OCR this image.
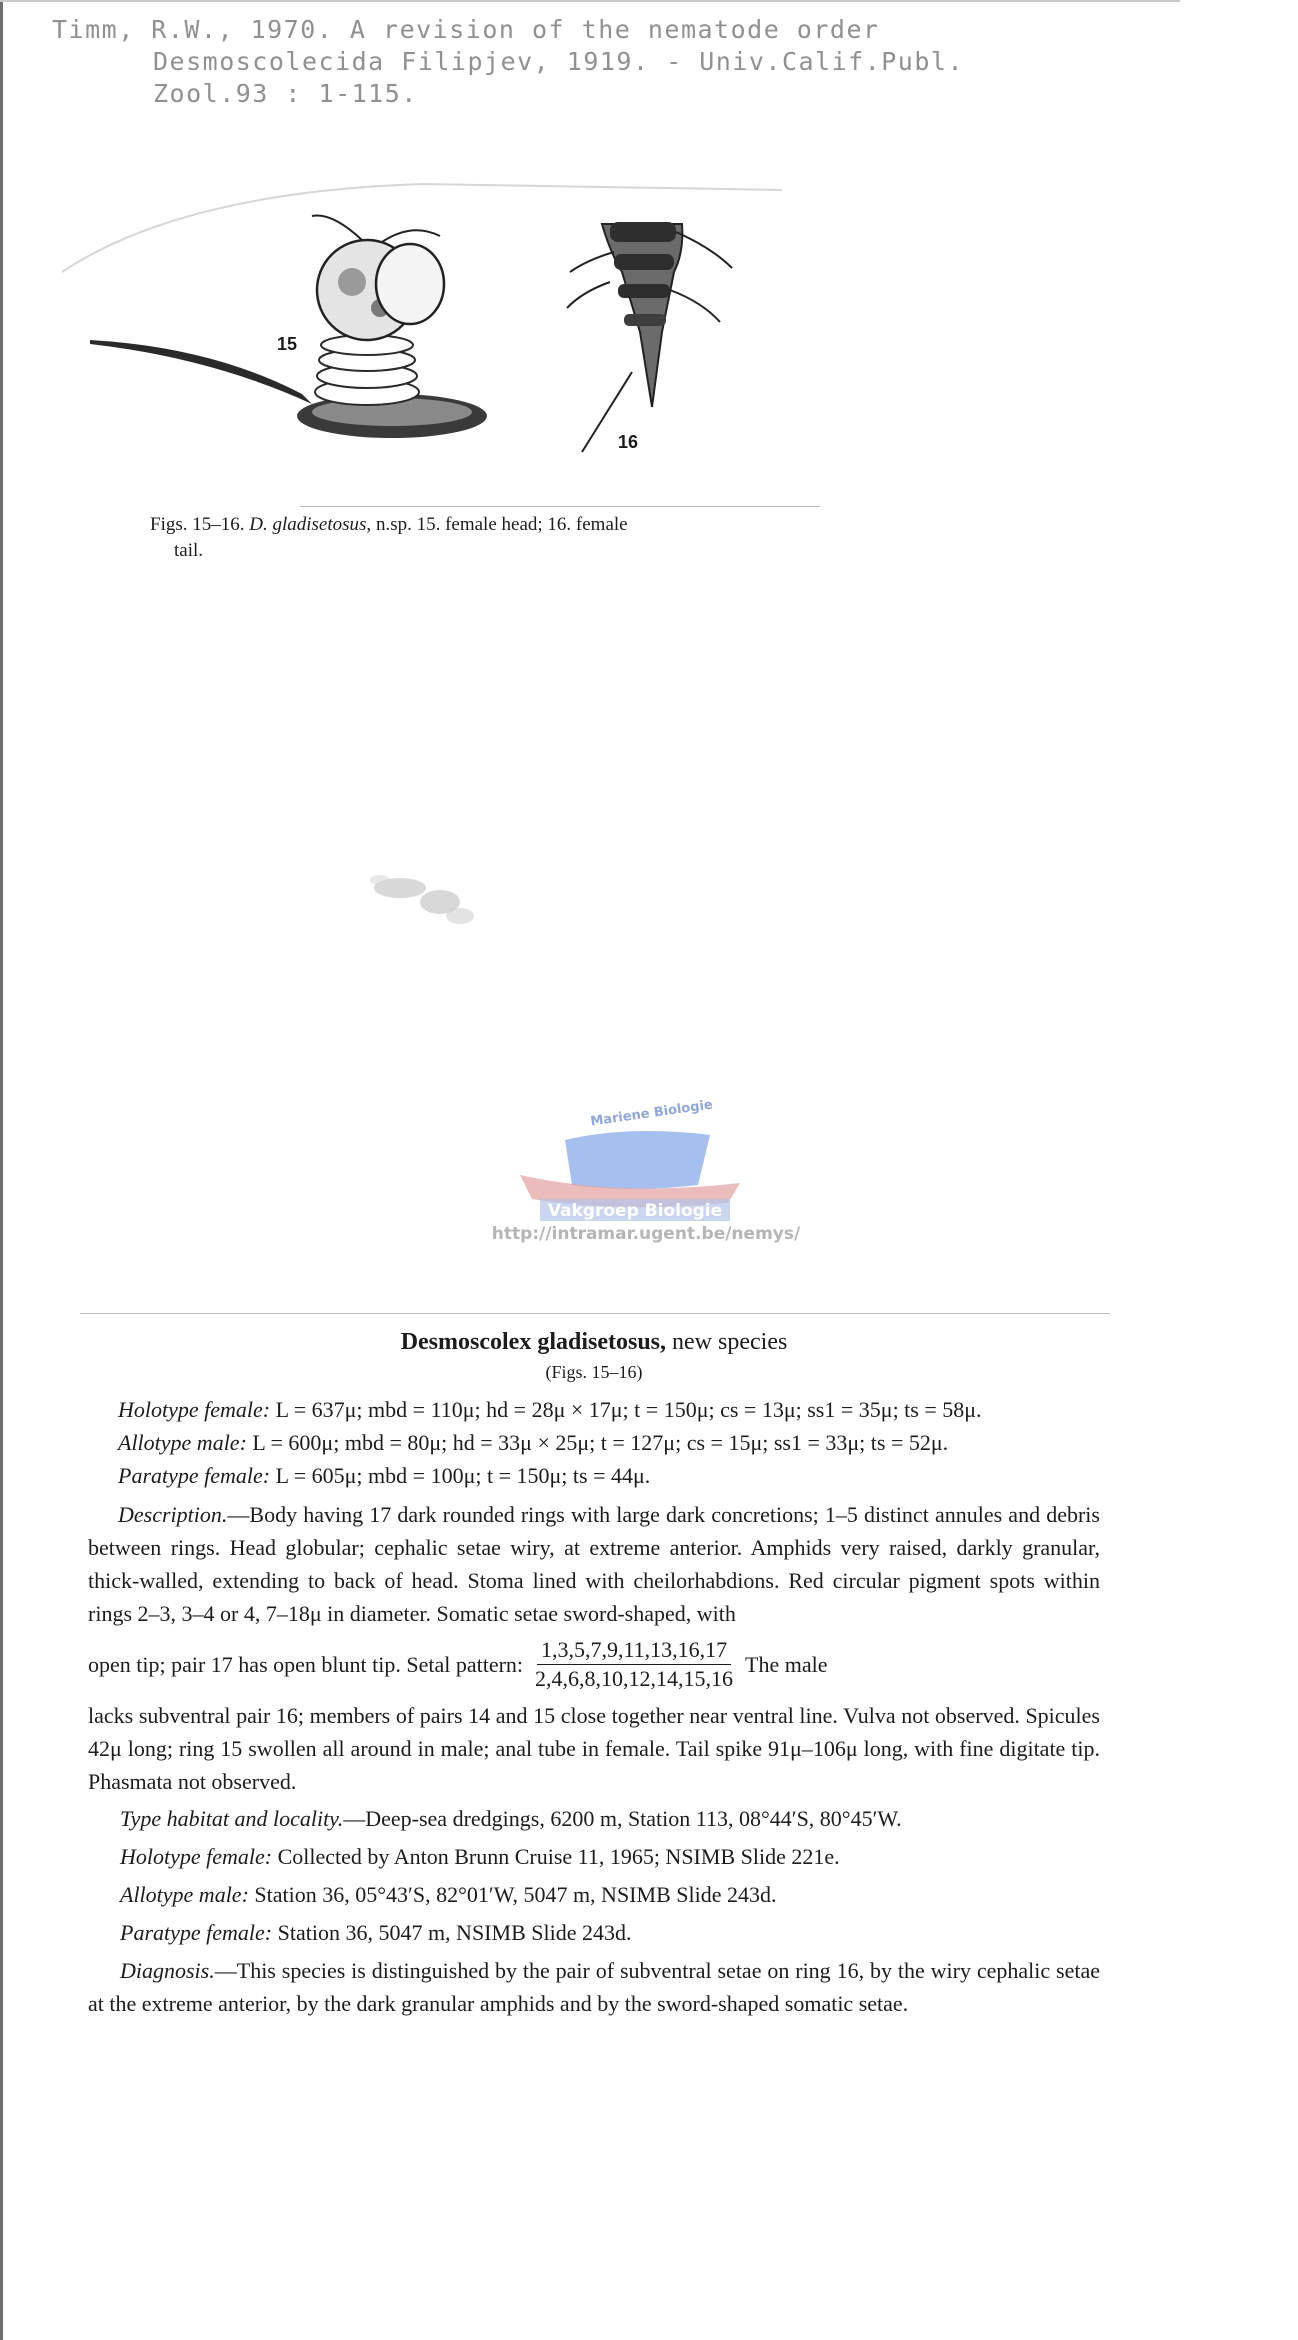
Timm, R.W., 1970. A revision of the nematode order
Desmoscolecida Filipjev, 1919. - Univ.Calif.Publ.
Zool.93 : 1-115.
15
16
Figs. 15–16. D. gladisetosus, n.sp. 15. female head; 16. female
tail.
Mariene Biologie
Vakgroep Biologie
http://intramar.ugent.be/nemys/
Desmoscolex gladisetosus, new species
(Figs. 15–16)

Holotype female: L = 637μ; mbd = 110μ; hd = 28μ × 17μ; t = 150μ; cs = 13μ; ss1 = 35μ; ts = 58μ.

Allotype male: L = 600μ; mbd = 80μ; hd = 33μ × 25μ; t = 127μ; cs = 15μ; ss1 = 33μ; ts = 52μ.

Paratype female: L = 605μ; mbd = 100μ; t = 150μ; ts = 44μ.

Description.—Body having 17 dark rounded rings with large dark concretions; 1–5 distinct annules and debris between rings. Head globular; cephalic setae wiry, at extreme anterior. Amphids very raised, darkly granular, thick-walled, extending to back of head. Stoma lined with cheilorhabdions. Red circular pigment spots within rings 2–3, 3–4 or 4, 7–18μ in diameter. Somatic setae sword-shaped, with

open tip; pair 17 has open blunt tip. Setal pattern: $\frac{1,3,5,7,9,11,13,16,17}{2,4,6,8,10,12,14,15,16}$ The male

lacks subventral pair 16; members of pairs 14 and 15 close together near ventral line. Vulva not observed. Spicules 42μ long; ring 15 swollen all around in male; anal tube in female. Tail spike 91μ–106μ long, with fine digitate tip. Phasmata not observed.

Type habitat and locality.—Deep-sea dredgings, 6200 m, Station 113, 08°44′S, 80°45′W.

Holotype female: Collected by Anton Brunn Cruise 11, 1965; NSIMB Slide 221e.

Allotype male: Station 36, 05°43′S, 82°01′W, 5047 m, NSIMB Slide 243d.

Paratype female: Station 36, 5047 m, NSIMB Slide 243d.

Diagnosis.—This species is distinguished by the pair of subventral setae on ring 16, by the wiry cephalic setae at the extreme anterior, by the dark granular amphids and by the sword-shaped somatic setae.
